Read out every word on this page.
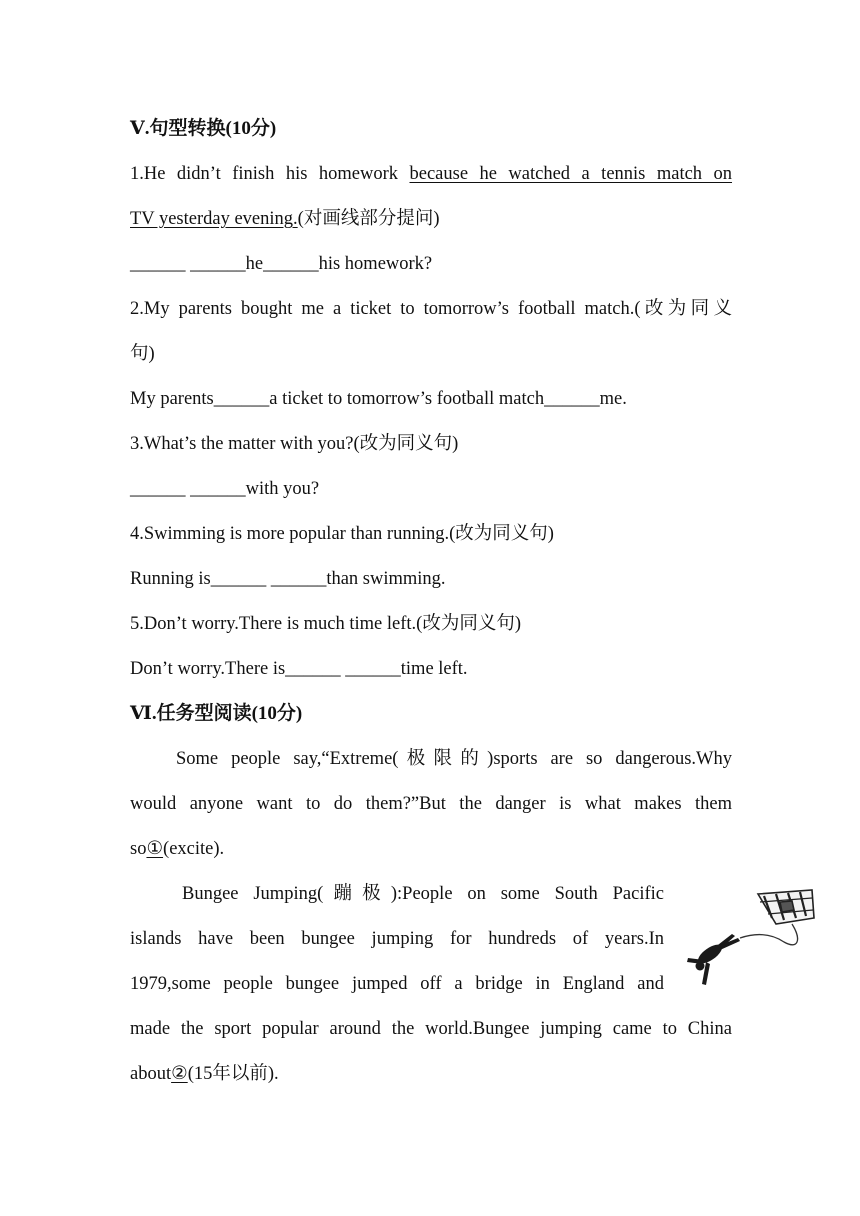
Ⅴ.句型转换(10分)
1.He didn’t finish his homework because he watched a tennis match on
TV yesterday evening.(对画线部分提问)
______ ______he______his homework?
2.My parents bought me a ticket to tomorrow’s football match.(改为同义
句)
My parents______a ticket to tomorrow’s football match______me.
3.What’s the matter with you?(改为同义句)
______ ______with you?
4.Swimming is more popular than running.(改为同义句)
Running is______ ______than swimming.
5.Don’t worry.There is much time left.(改为同义句)
Don’t worry.There is______ ______time left.
Ⅵ.任务型阅读(10分)
Some people say,“Extreme(极限的)sports are so dangerous.Why
would anyone want to do them?”But the danger is what makes them
so①(excite).
Bungee Jumping(蹦极):People on some South Pacific
islands have been bungee jumping for hundreds of years.In
1979,some people bungee jumped off a bridge in England and
made the sport popular around the world.Bungee jumping came to China
about②(15年以前).
